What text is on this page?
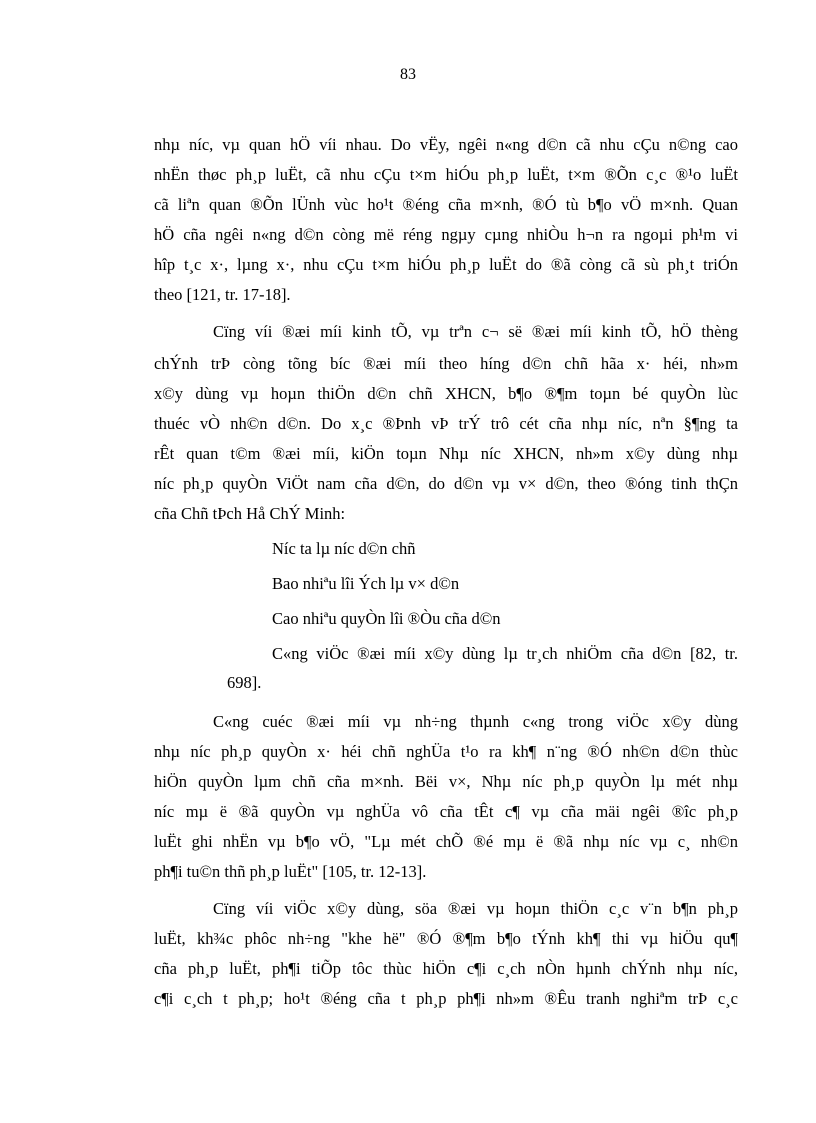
83
nhµ níc, vµ quan hÖ víi nhau. Do vËy, ngêi n«ng d©n cã nhu cÇu n©ng cao
nhËn thøc ph¸p luËt, cã nhu cÇu t×m hiÓu ph¸p luËt, t×m ®Õn c¸c ®¹o luËt
cã liªn quan ®Õn lÜnh vùc ho¹t ®éng cña m×nh, ®Ó tù b¶o vÖ m×nh. Quan
hÖ cña ngêi n«ng d©n còng më réng ngµy cµng nhiÒu h¬n ra ngoµi ph¹m vi
hîp t¸c x·, lµng x·, nhu cÇu t×m hiÓu ph¸p luËt do ®ã còng cã sù ph¸t triÓn
theo [121, tr. 17-18].
Cïng víi ®æi míi kinh tÕ, vµ trªn c¬ së ®æi míi kinh tÕ, hÖ thèng
chÝnh trÞ còng tõng bíc ®æi míi theo híng d©n chñ hãa x· héi, nh»m
x©y dùng vµ hoµn thiÖn d©n chñ XHCN, b¶o ®¶m toµn bé quyÒn lùc
thuéc vÒ nh©n d©n. Do x¸c ®Þnh vÞ trÝ trô cét cña nhµ níc, nªn §¶ng ta
rÊt quan t©m ®æi míi, kiÖn toµn Nhµ níc XHCN, nh»m x©y dùng nhµ
níc ph¸p quyÒn ViÖt nam cña d©n, do d©n vµ v× d©n, theo ®óng tinh thÇn
cña Chñ tÞch Hå ChÝ Minh:
Níc ta lµ níc d©n chñ
Bao nhiªu lîi Ých lµ v× d©n
Cao nhiªu quyÒn lîi ®Òu cña d©n
C«ng viÖc ®æi míi x©y dùng lµ tr¸ch nhiÖm cña d©n [82, tr.
698].
C«ng cuéc ®æi míi vµ nh÷ng thµnh c«ng trong viÖc x©y dùng
nhµ níc ph¸p quyÒn x· héi chñ nghÜa t¹o ra kh¶ n¨ng ®Ó nh©n d©n thùc
hiÖn quyÒn lµm chñ cña m×nh. Bëi v×, Nhµ níc ph¸p quyÒn lµ mét nhµ
níc mµ ë ®ã quyÒn vµ nghÜa vô cña tÊt c¶ vµ cña mäi ngêi ®îc ph¸p
luËt ghi nhËn vµ b¶o vÖ, "Lµ mét chÕ ®é mµ ë ®ã nhµ níc vµ c¸ nh©n
ph¶i tu©n thñ ph¸p luËt" [105, tr. 12-13].
Cïng víi viÖc x©y dùng, söa ®æi vµ hoµn thiÖn c¸c v¨n b¶n ph¸p
luËt, kh¾c phôc nh÷ng "khe hë" ®Ó ®¶m b¶o tÝnh kh¶ thi vµ hiÖu qu¶
cña ph¸p luËt, ph¶i tiÕp tôc thùc hiÖn c¶i c¸ch nÒn hµnh chÝnh nhµ níc,
c¶i c¸ch t ph¸p; ho¹t ®éng cña t ph¸p ph¶i nh»m ®Êu tranh nghiªm trÞ c¸c
